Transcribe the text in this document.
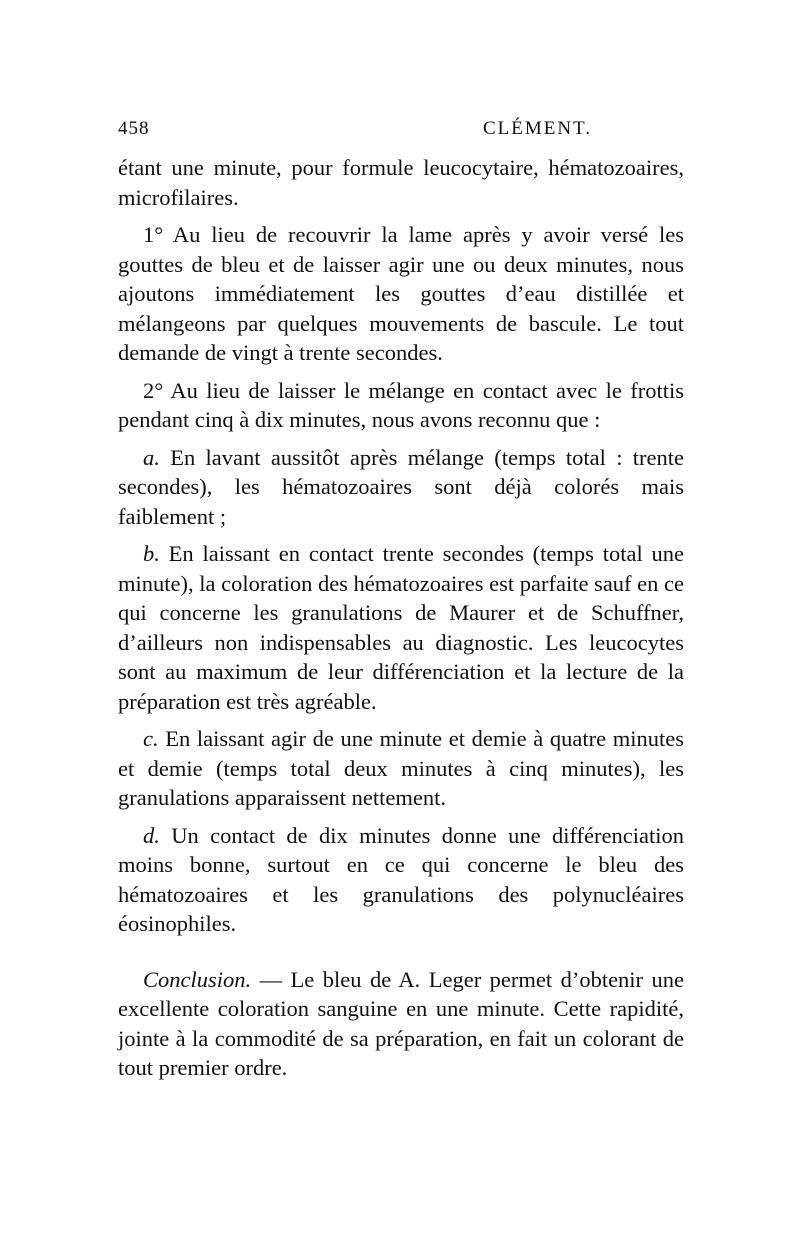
458	CLÉMENT.

étant une minute, pour formule leucocytaire, hématozoaires, microfilaires.

1° Au lieu de recouvrir la lame après y avoir versé les gouttes de bleu et de laisser agir une ou deux minutes, nous ajoutons immédiatement les gouttes d’eau distillée et mélangeons par quelques mouvements de bascule. Le tout demande de vingt à trente secondes.

2° Au lieu de laisser le mélange en contact avec le frottis pendant cinq à dix minutes, nous avons reconnu que :

a. En lavant aussitôt après mélange (temps total : trente secondes), les hématozoaires sont déjà colorés mais faiblement ;

b. En laissant en contact trente secondes (temps total une minute), la coloration des hématozoaires est parfaite sauf en ce qui concerne les granulations de Maurer et de Schuffner, d’ailleurs non indispensables au diagnostic. Les leucocytes sont au maximum de leur différenciation et la lecture de la préparation est très agréable.

c. En laissant agir de une minute et demie à quatre minutes et demie (temps total deux minutes à cinq minutes), les granulations apparaissent nettement.

d. Un contact de dix minutes donne une différenciation moins bonne, surtout en ce qui concerne le bleu des hématozoaires et les granulations des polynucléaires éosinophiles.

Conclusion. — Le bleu de A. Leger permet d’obtenir une excellente coloration sanguine en une minute. Cette rapidité, jointe à la commodité de sa préparation, en fait un colorant de tout premier ordre.
